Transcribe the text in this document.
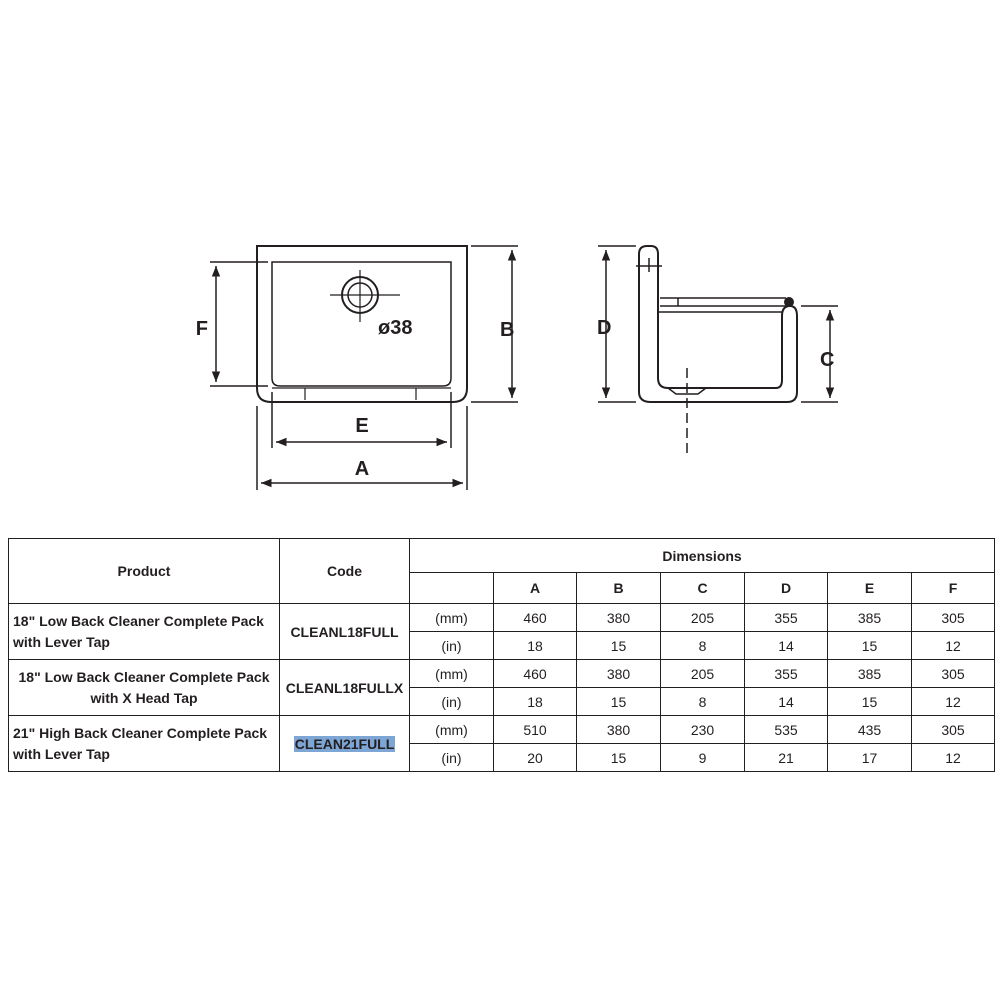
F	B
E
A
ø38	D
C
Product	Code	Dimensions						
			A	B	C	D	E	F
18" Low Back Cleaner Complete Pack with Lever Tap	CLEANL18FULL	(mm)	460	380	205	355	385	305
		(in)	18	15	8	14	15	12
18" Low Back Cleaner Complete Pack with X Head Tap	CLEANL18FULLX	(mm)	460	380	205	355	385	305
		(in)	18	15	8	14	15	12
21" High Back Cleaner Complete Pack with Lever Tap	CLEAN21FULL	(mm)	510	380	230	535	435	305
		(in)	20	15	9	21	17	12
